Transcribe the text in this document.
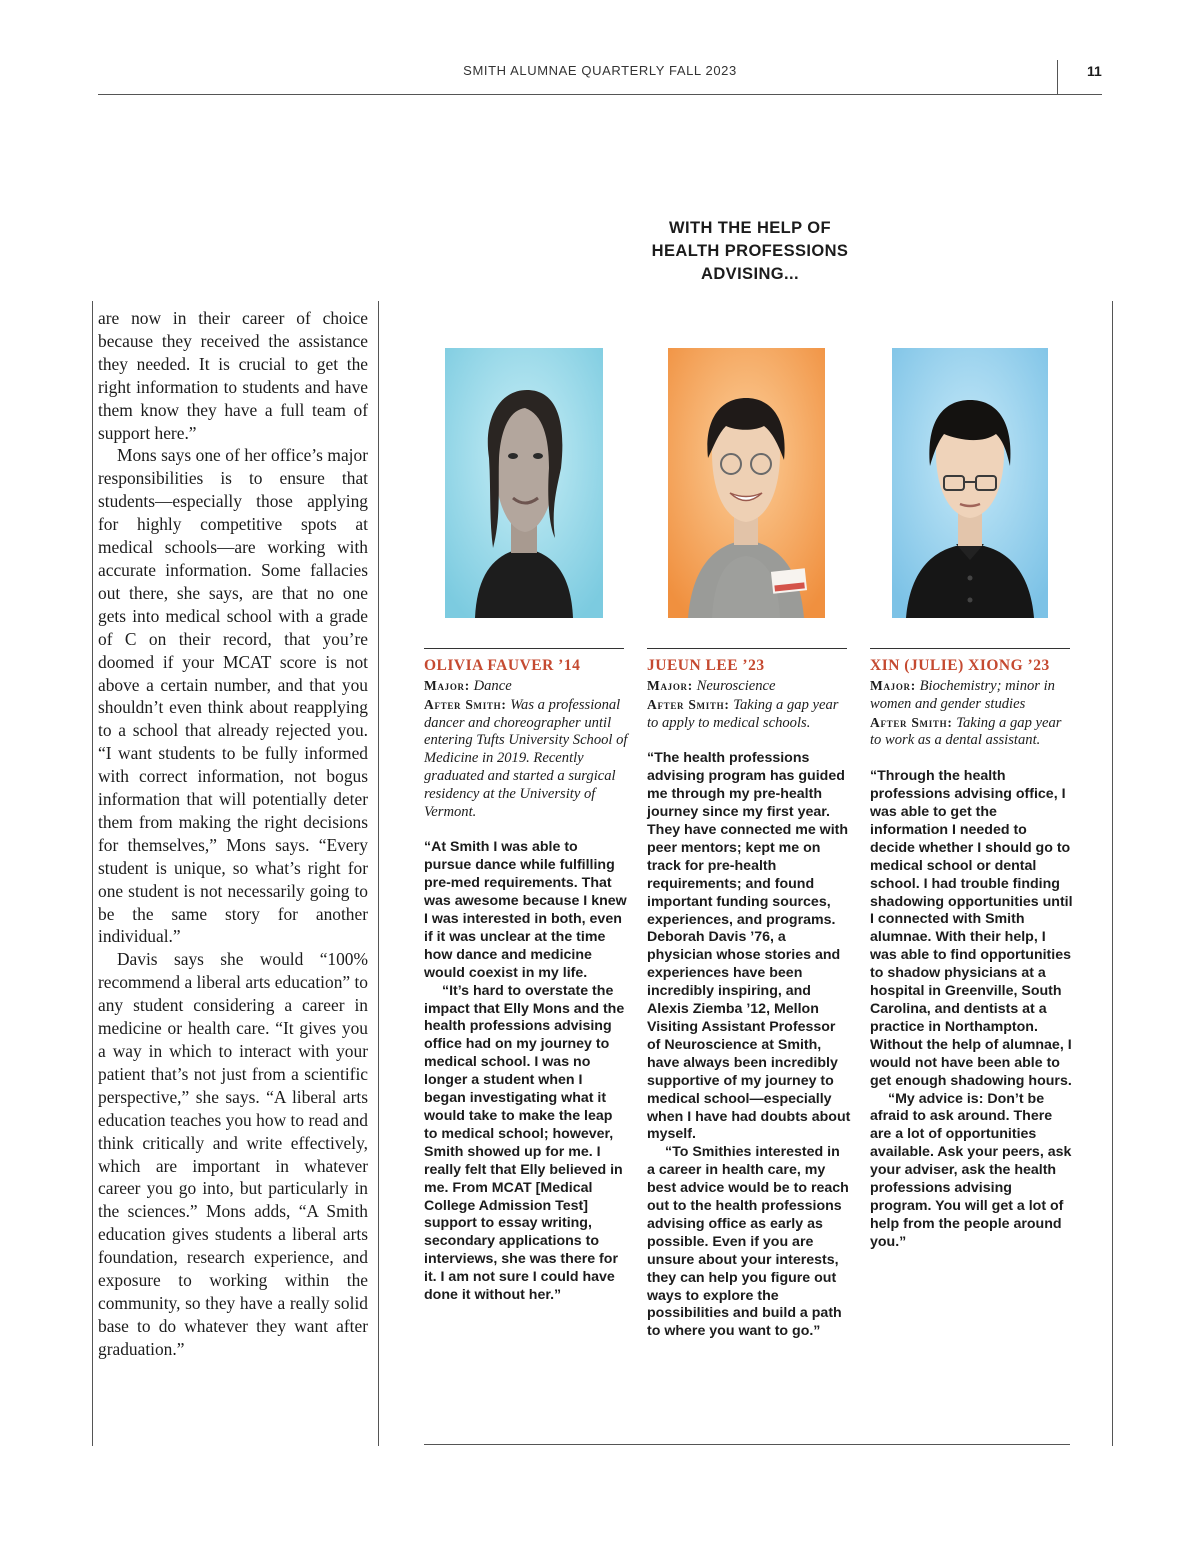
SMITH ALUMNAE QUARTERLY FALL 2023	11
WITH THE HELP OF
HEALTH PROFESSIONS
ADVISING...

are now in their career of choice because they received the assistance they needed. It is crucial to get the right information to students and have them know they have a full team of support here.”

Mons says one of her office’s major responsibilities is to ensure that students—especially those applying for highly competitive spots at medical schools—are working with accurate information. Some fallacies out there, she says, are that no one gets into medical school with a grade of C on their record, that you’re doomed if your MCAT score is not above a certain number, and that you shouldn’t even think about reapplying to a school that already rejected you. “I want students to be fully informed with correct information, not bogus information that will potentially deter them from making the right decisions for themselves,” Mons says. “Every student is unique, so what’s right for one student is not necessarily going to be the same story for another individual.”

Davis says she would “100% recommend a liberal arts education” to any student considering a career in medicine or health care. “It gives you a way in which to interact with your patient that’s not just from a scientific perspective,” she says. “A liberal arts education teaches you how to read and think critically and write effectively, which are important in whatever career you go into, but particularly in the sciences.” Mons adds, “A Smith education gives students a liberal arts foundation, research experience, and exposure to working within the community, so they have a really solid base to do whatever they want after graduation.”

OLIVIA FAUVER ’14
Major: Dance
After Smith: Was a professional dancer and choreographer until entering Tufts University School of Medicine in 2019. Recently graduated and started a surgical residency at the University of Vermont.

“At Smith I was able to pursue dance while fulfilling pre-med requirements. That was awesome because I knew I was interested in both, even if it was unclear at the time how dance and medicine would coexist in my life.

“It’s hard to overstate the impact that Elly Mons and the health professions advising office had on my journey to medical school. I was no longer a student when I began investigating what it would take to make the leap to medical school; however, Smith showed up for me. I really felt that Elly believed in me. From MCAT [Medical College Admission Test] support to essay writing, secondary applications to interviews, she was there for it. I am not sure I could have done it without her.”

JUEUN LEE ’23
Major: Neuroscience
After Smith: Taking a gap year to apply to medical schools.

“The health professions advising program has guided me through my pre-health journey since my first year. They have connected me with peer mentors; kept me on track for pre-health requirements; and found important funding sources, experiences, and programs. Deborah Davis ’76, a physician whose stories and experiences have been incredibly inspiring, and Alexis Ziemba ’12, Mellon Visiting Assistant Professor of Neuroscience at Smith, have always been incredibly supportive of my journey to medical school—especially when I have had doubts about myself.

“To Smithies interested in a career in health care, my best advice would be to reach out to the health professions advising office as early as possible. Even if you are unsure about your interests, they can help you figure out ways to explore the possibilities and build a path to where you want to go.”

XIN (JULIE) XIONG ’23
Major: Biochemistry; minor in women and gender studies
After Smith: Taking a gap year to work as a dental assistant.

“Through the health professions advising office, I was able to get the information I needed to decide whether I should go to medical school or dental school. I had trouble finding shadowing opportunities until I connected with Smith alumnae. With their help, I was able to find opportunities to shadow physicians at a hospital in Greenville, South Carolina, and dentists at a practice in Northampton. Without the help of alumnae, I would not have been able to get enough shadowing hours.

“My advice is: Don’t be afraid to ask around. There are a lot of opportunities available. Ask your peers, ask your adviser, ask the health professions advising program. You will get a lot of help from the people around you.”
